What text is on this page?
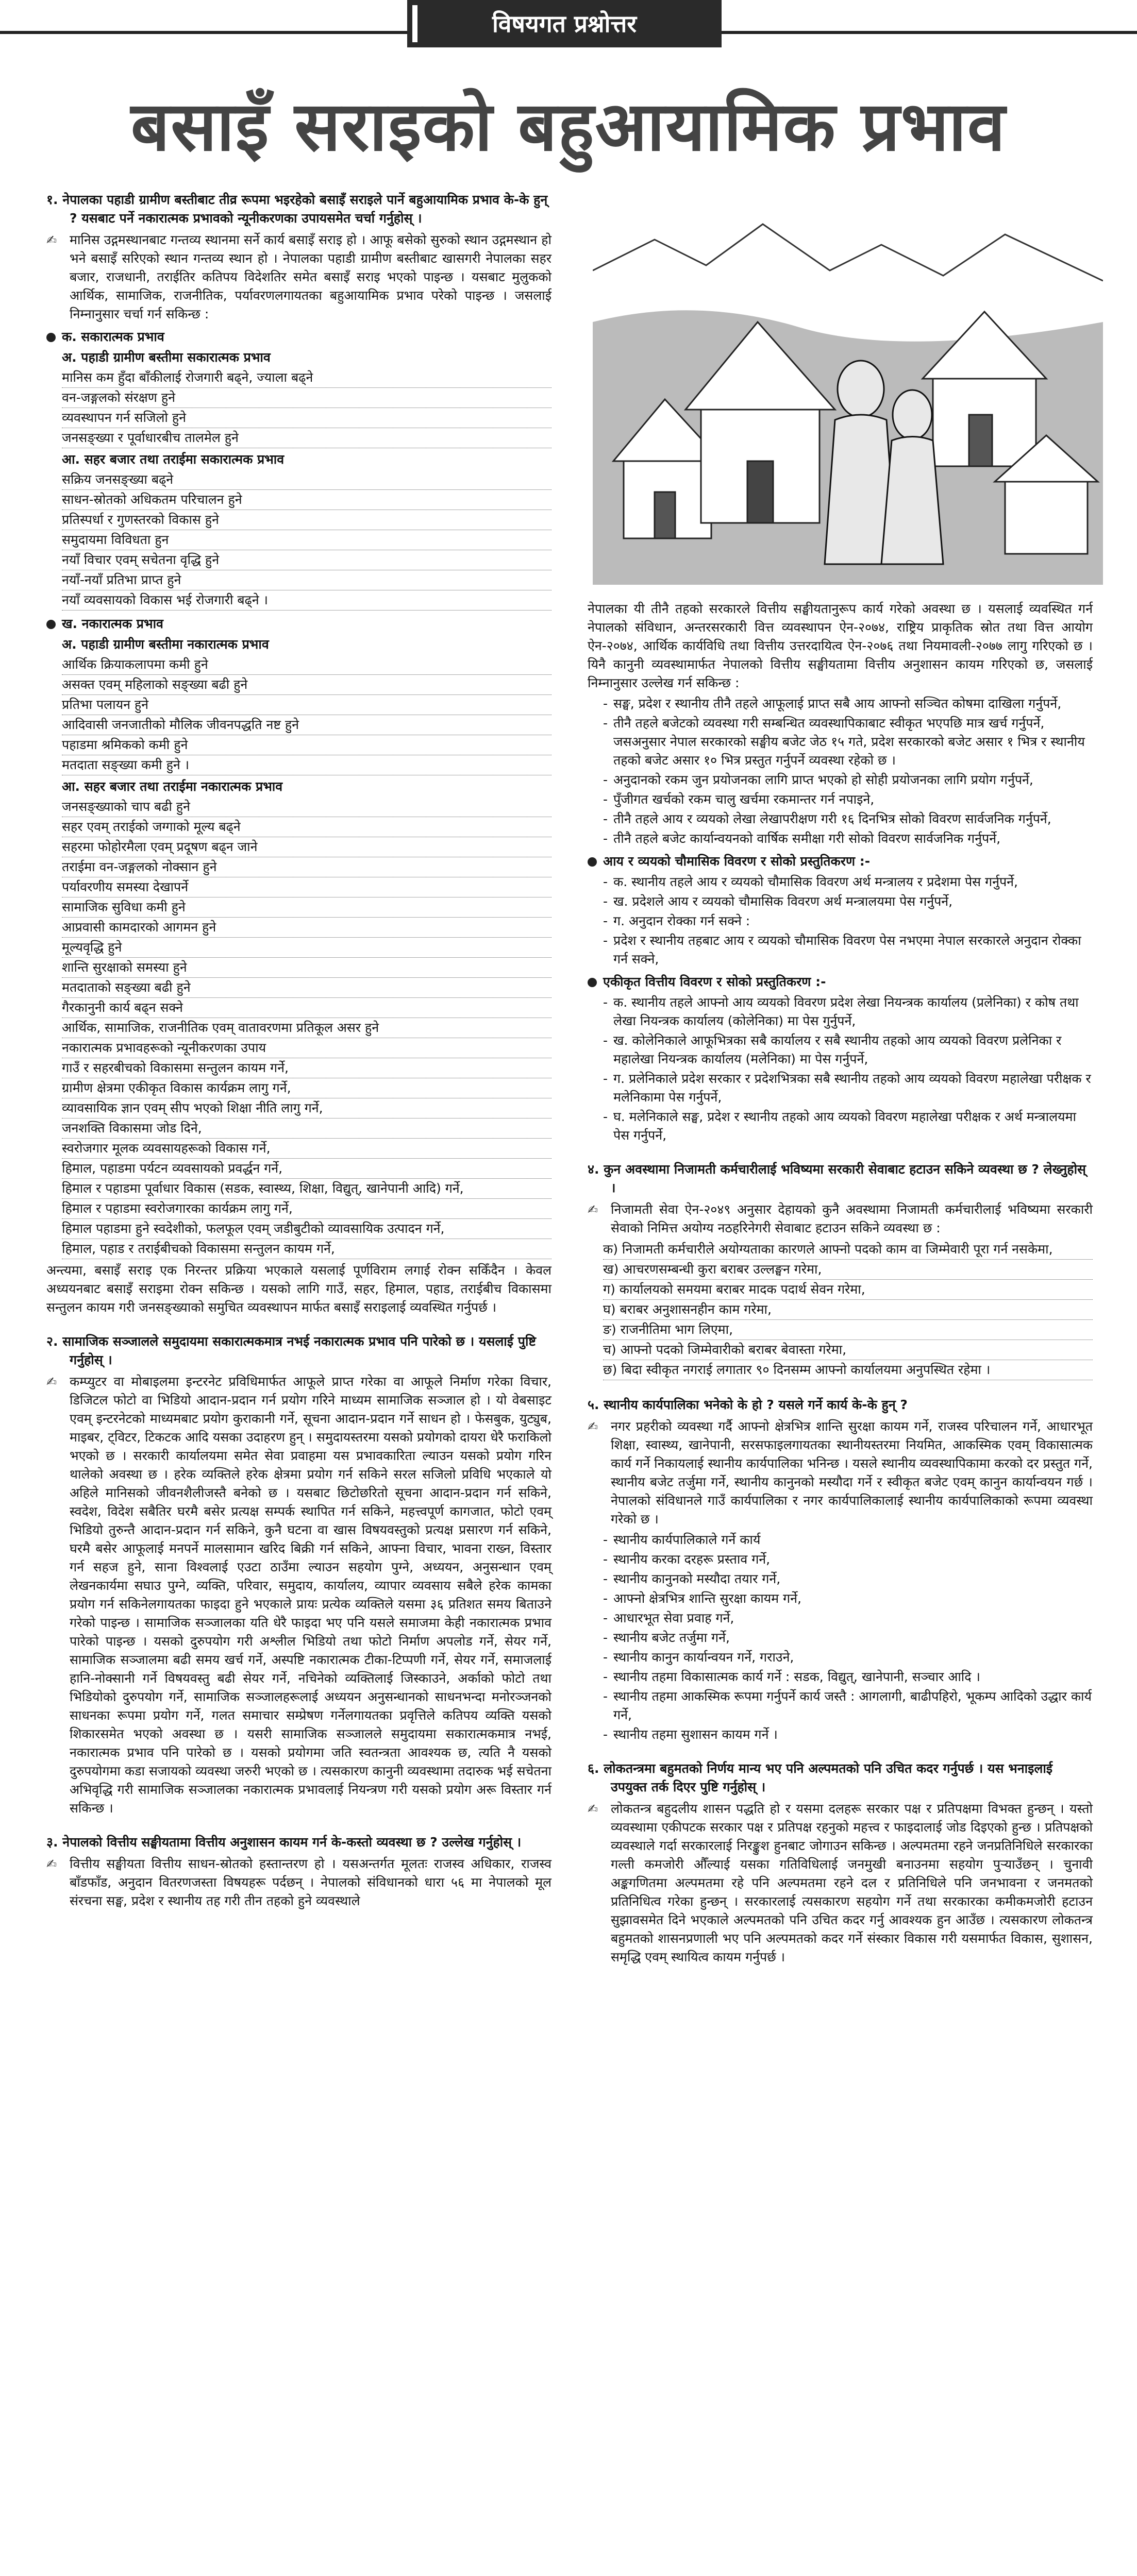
विषयगत प्रश्नोत्तर
बसाइँ सराइको बहुआयामिक प्रभाव
१. नेपालका पहाडी ग्रामीण बस्तीबाट तीव्र रूपमा भइरहेको बसाइँ सराइले पार्ने बहुआयामिक प्रभाव के-के हुन् ? यसबाट पर्ने नकारात्मक प्रभावको न्यूनीकरणका उपायसमेत चर्चा गर्नुहोस् ।
✍ मानिस उद्गमस्थानबाट गन्तव्य स्थानमा सर्ने कार्य बसाइँ सराइ हो । आफू बसेको सुरुको स्थान उद्गमस्थान हो भने बसाइँ सरिएको स्थान गन्तव्य स्थान हो । नेपालका पहाडी ग्रामीण बस्तीबाट खासगरी नेपालका सहर बजार, राजधानी, तराईतिर कतिपय विदेशतिर समेत बसाइँ सराइ भएको पाइन्छ । यसबाट मुलुकको आर्थिक, सामाजिक, राजनीतिक, पर्यावरणलगायतका बहुआयामिक प्रभाव परेको पाइन्छ । जसलाई निम्नानुसार चर्चा गर्न सकिन्छ :
क. सकारात्मक प्रभाव
अ. पहाडी ग्रामीण बस्तीमा सकारात्मक प्रभाव
मानिस कम हुँदा बाँकीलाई रोजगारी बढ्ने, ज्याला बढ्ने
वन-जङ्गलको संरक्षण हुने
व्यवस्थापन गर्न सजिलो हुने
जनसङ्ख्या र पूर्वाधारबीच तालमेल हुने
आ. सहर बजार तथा तराईमा सकारात्मक प्रभाव
सक्रिय जनसङ्ख्या बढ्ने
साधन-स्रोतको अधिकतम परिचालन हुने
प्रतिस्पर्धा र गुणस्तरको विकास हुने
समुदायमा विविधता हुन
नयाँ विचार एवम् सचेतना वृद्धि हुने
नयाँ-नयाँ प्रतिभा प्राप्त हुने
नयाँ व्यवसायको विकास भई रोजगारी बढ्ने ।
ख. नकारात्मक प्रभाव
अ. पहाडी ग्रामीण बस्तीमा नकारात्मक प्रभाव
आर्थिक क्रियाकलापमा कमी हुने
असक्त एवम् महिलाको सङ्ख्या बढी हुने
प्रतिभा पलायन हुने
आदिवासी जनजातीको मौलिक जीवनपद्धति नष्ट हुने
पहाडमा श्रमिकको कमी हुने
मतदाता सङ्ख्या कमी हुने ।
आ. सहर बजार तथा तराईमा नकारात्मक प्रभाव
जनसङ्ख्याको चाप बढी हुने
सहर एवम् तराईको जग्गाको मूल्य बढ्ने
सहरमा फोहोरमैला एवम् प्रदूषण बढ्न जाने
तराईमा वन-जङ्गलको नोक्सान हुने
पर्यावरणीय समस्या देखापर्ने
सामाजिक सुविधा कमी हुने
आप्रवासी कामदारको आगमन हुने
मूल्यवृद्धि हुने
शान्ति सुरक्षाको समस्या हुने
मतदाताको सङ्ख्या बढी हुने
गैरकानुनी कार्य बढ्न सक्ने
आर्थिक, सामाजिक, राजनीतिक एवम् वातावरणमा प्रतिकूल असर हुने
नकारात्मक प्रभावहरूको न्यूनीकरणका उपाय
गाउँ र सहरबीचको विकासमा सन्तुलन कायम गर्ने,
ग्रामीण क्षेत्रमा एकीकृत विकास कार्यक्रम लागु गर्ने,
व्यावसायिक ज्ञान एवम् सीप भएको शिक्षा नीति लागु गर्ने,
जनशक्ति विकासमा जोड दिने,
स्वरोजगार मूलक व्यवसायहरूको विकास गर्ने,
हिमाल, पहाडमा पर्यटन व्यवसायको प्रवर्द्धन गर्ने,
हिमाल र पहाडमा पूर्वाधार विकास (सडक, स्वास्थ्य, शिक्षा, विद्युत्, खानेपानी आदि) गर्ने,
हिमाल र पहाडमा स्वरोजगारका कार्यक्रम लागु गर्ने,
हिमाल पहाडमा हुने स्वदेशीको, फलफूल एवम् जडीबुटीको व्यावसायिक उत्पादन गर्ने,
हिमाल, पहाड र तराईबीचको विकासमा सन्तुलन कायम गर्ने,
अन्त्यमा, बसाइँ सराइ एक निरन्तर प्रक्रिया भएकाले यसलाई पूर्णविराम लगाई रोक्न सकिँदैन । केवल अध्ययनबाट बसाइँ सराइमा रोक्न सकिन्छ । यसको लागि गाउँ, सहर, हिमाल, पहाड, तराईबीच विकासमा सन्तुलन कायम गरी जनसङ्ख्याको समुचित व्यवस्थापन मार्फत बसाइँ सराइलाई व्यवस्थित गर्नुपर्छ ।
२. सामाजिक सञ्जालले समुदायमा सकारात्मकमात्र नभई नकारात्मक प्रभाव पनि पारेको छ । यसलाई पुष्टि गर्नुहोस् ।
✍ कम्प्युटर वा मोबाइलमा इन्टरनेट प्रविधिमार्फत आफूले प्राप्त गरेका वा आफूले निर्माण गरेका विचार, डिजिटल फोटो वा भिडियो आदान-प्रदान गर्न प्रयोग गरिने माध्यम सामाजिक सञ्जाल हो । यो वेबसाइट एवम् इन्टरनेटको माध्यमबाट प्रयोग कुराकानी गर्ने, सूचना आदान-प्रदान गर्ने साधन हो । फेसबुक, युट्युब, माइबर, ट्विटर, टिकटक आदि यसका उदाहरण हुन् । समुदायस्तरमा यसको प्रयोगको दायरा धेरै फराकिलो भएको छ । सरकारी कार्यालयमा समेत सेवा प्रवाहमा यस प्रभावकारिता ल्याउन यसको प्रयोग गरिन थालेको अवस्था छ । हरेक व्यक्तिले हरेक क्षेत्रमा प्रयोग गर्न सकिने सरल सजिलो प्रविधि भएकाले यो अहिले मानिसको जीवनशैलीजस्तै बनेको छ । यसबाट छिटोछरितो सूचना आदान-प्रदान गर्न सकिने, स्वदेश, विदेश सबैतिर घरमै बसेर प्रत्यक्ष सम्पर्क स्थापित गर्न सकिने, महत्त्वपूर्ण कागजात, फोटो एवम् भिडियो तुरुन्तै आदान-प्रदान गर्न सकिने, कुनै घटना वा खास विषयवस्तुको प्रत्यक्ष प्रसारण गर्न सकिने, घरमै बसेर आफूलाई मनपर्ने मालसामान खरिद बिक्री गर्न सकिने, आफ्ना विचार, भावना राख्न, विस्तार गर्न सहज हुने, साना विश्वलाई एउटा ठाउँमा ल्याउन सहयोग पुग्ने, अध्ययन, अनुसन्धान एवम् लेखनकार्यमा सघाउ पुग्ने, व्यक्ति, परिवार, समुदाय, कार्यालय, व्यापार व्यवसाय सबैले हरेक कामका प्रयोग गर्न सकिनेलगायतका फाइदा हुने भएकाले प्रायः प्रत्येक व्यक्तिले यसमा ३६ प्रतिशत समय बिताउने गरेको पाइन्छ । सामाजिक सञ्जालका यति धेरै फाइदा भए पनि यसले समाजमा केही नकारात्मक प्रभाव पारेको पाइन्छ । यसको दुरुपयोग गरी अश्लील भिडियो तथा फोटो निर्माण अपलोड गर्ने, सेयर गर्ने, सामाजिक सञ्जालमा बढी समय खर्च गर्ने, अस्पष्टि नकारात्मक टीका-टिप्पणी गर्ने, सेयर गर्ने, समाजलाई हानि-नोक्सानी गर्ने विषयवस्तु बढी सेयर गर्ने, नचिनेको व्यक्तिलाई जिस्काउने, अर्काको फोटो तथा भिडियोको दुरुपयोग गर्ने, सामाजिक सञ्जालहरूलाई अध्ययन अनुसन्धानको साधनभन्दा मनोरञ्जनको साधनका रूपमा प्रयोग गर्ने, गलत समाचार सम्प्रेषण गर्नेलगायतका प्रवृत्तिले कतिपय व्यक्ति यसको शिकारसमेत भएको अवस्था छ । यसरी सामाजिक सञ्जालले समुदायमा सकारात्मकमात्र नभई, नकारात्मक प्रभाव पनि पारेको छ । यसको प्रयोगमा जति स्वतन्त्रता आवश्यक छ, त्यति नै यसको दुरुपयोगमा कडा सजायको व्यवस्था जरुरी भएको छ । त्यसकारण कानुनी व्यवस्थामा तदारुक भई सचेतना अभिवृद्धि गरी सामाजिक सञ्जालका नकारात्मक प्रभावलाई नियन्त्रण गरी यसको प्रयोग अरू विस्तार गर्न सकिन्छ ।
३. नेपालको वित्तीय सङ्घीयतामा वित्तीय अनुशासन कायम गर्न के-कस्तो व्यवस्था छ ? उल्लेख गर्नुहोस् ।
✍ वित्तीय सङ्घीयता वित्तीय साधन-स्रोतको हस्तान्तरण हो । यसअन्तर्गत मूलतः राजस्व अधिकार, राजस्व बाँडफाँड, अनुदान वितरणजस्ता विषयहरू पर्दछन् । नेपालको संविधानको धारा ५६ मा नेपालको मूल संरचना सङ्घ, प्रदेश र स्थानीय तह गरी तीन तहको हुने व्यवस्थाले
नेपालका यी तीनै तहको सरकारले वित्तीय सङ्घीयतानुरूप कार्य गरेको अवस्था छ । यसलाई व्यवस्थित गर्न नेपालको संविधान, अन्तरसरकारी वित्त व्यवस्थापन ऐन-२०७४, राष्ट्रिय प्राकृतिक स्रोत तथा वित्त आयोग ऐन-२०७४, आर्थिक कार्यविधि तथा वित्तीय उत्तरदायित्व ऐन-२०७६ तथा नियमावली-२०७७ लागु गरिएको छ । यिनै कानुनी व्यवस्थामार्फत नेपालको वित्तीय सङ्घीयतामा वित्तीय अनुशासन कायम गरिएको छ, जसलाई निम्नानुसार उल्लेख गर्न सकिन्छ :
- सङ्घ, प्रदेश र स्थानीय तीनै तहले आफूलाई प्राप्त सबै आय आफ्नो सञ्चित कोषमा दाखिला गर्नुपर्ने,
- तीनै तहले बजेटको व्यवस्था गरी सम्बन्धित व्यवस्थापिकाबाट स्वीकृत भएपछि मात्र खर्च गर्नुपर्ने, जसअनुसार नेपाल सरकारको सङ्घीय बजेट जेठ १५ गते, प्रदेश सरकारको बजेट असार १ भित्र र स्थानीय तहको बजेट असार १० भित्र प्रस्तुत गर्नुपर्ने व्यवस्था रहेको छ ।
- अनुदानको रकम जुन प्रयोजनका लागि प्राप्त भएको हो सोही प्रयोजनका लागि प्रयोग गर्नुपर्ने,
- पुँजीगत खर्चको रकम चालु खर्चमा रकमान्तर गर्न नपाइने,
- तीनै तहले आय र व्ययको लेखा लेखापरीक्षण गरी १६ दिनभित्र सोको विवरण सार्वजनिक गर्नुपर्ने,
- तीनै तहले बजेट कार्यान्वयनको वार्षिक समीक्षा गरी सोको विवरण सार्वजनिक गर्नुपर्ने,
आय र व्ययको चौमासिक विवरण र सोको प्रस्तुतिकरण :-
- क. स्थानीय तहले आय र व्ययको चौमासिक विवरण अर्थ मन्त्रालय र प्रदेशमा पेस गर्नुपर्ने,
- ख. प्रदेशले आय र व्ययको चौमासिक विवरण अर्थ मन्त्रालयमा पेस गर्नुपर्ने,
- ग. अनुदान रोक्का गर्न सक्ने :
- प्रदेश र स्थानीय तहबाट आय र व्ययको चौमासिक विवरण पेस नभएमा नेपाल सरकारले अनुदान रोक्का गर्न सक्ने,
एकीकृत वित्तीय विवरण र सोको प्रस्तुतिकरण :-
- क. स्थानीय तहले आफ्नो आय व्ययको विवरण प्रदेश लेखा नियन्त्रक कार्यालय (प्रलेनिका) र कोष तथा लेखा नियन्त्रक कार्यालय (कोलेनिका) मा पेस गुर्नुपर्ने,
- ख. कोलेनिकाले आफूभित्रका सबै कार्यालय र सबै स्थानीय तहको आय व्ययको विवरण प्रलेनिका र महालेखा नियन्त्रक कार्यालय (मलेनिका) मा पेस गर्नुपर्ने,
- ग. प्रलेनिकाले प्रदेश सरकार र प्रदेशभित्रका सबै स्थानीय तहको आय व्ययको विवरण महालेखा परीक्षक र मलेनिकामा पेस गर्नुपर्ने,
- घ. मलेनिकाले सङ्घ, प्रदेश र स्थानीय तहको आय व्ययको विवरण महालेखा परीक्षक र अर्थ मन्त्रालयमा पेस गर्नुपर्ने,
४. कुन अवस्थामा निजामती कर्मचारीलाई भविष्यमा सरकारी सेवाबाट हटाउन सकिने व्यवस्था छ ? लेख्नुहोस् ।
✍ निजामती सेवा ऐन-२०४९ अनुसार देहायको कुनै अवस्थामा निजामती कर्मचारीलाई भविष्यमा सरकारी सेवाको निमित्त अयोग्य नठहरिनेगरी सेवाबाट हटाउन सकिने व्यवस्था छ :
क) निजामती कर्मचारीले अयोग्यताका कारणले आफ्नो पदको काम वा जिम्मेवारी पूरा गर्न नसकेमा,
ख) आचरणसम्बन्धी कुरा बराबर उल्लङ्घन गरेमा,
ग) कार्यालयको समयमा बराबर मादक पदार्थ सेवन गरेमा,
घ) बराबर अनुशासनहीन काम गरेमा,
ङ) राजनीतिमा भाग लिएमा,
च) आफ्नो पदको जिम्मेवारीको बराबर बेवास्ता गरेमा,
छ) बिदा स्वीकृत नगराई लगातार ९० दिनसम्म आफ्नो कार्यालयमा अनुपस्थित रहेमा ।
५. स्थानीय कार्यपालिका भनेको के हो ? यसले गर्ने कार्य के-के हुन् ?
✍ नगर प्रहरीको व्यवस्था गर्दै आफ्नो क्षेत्रभित्र शान्ति सुरक्षा कायम गर्ने, राजस्व परिचालन गर्ने, आधारभूत शिक्षा, स्वास्थ्य, खानेपानी, सरसफाइलगायतका स्थानीयस्तरमा नियमित, आकस्मिक एवम् विकासात्मक कार्य गर्ने निकायलाई स्थानीय कार्यपालिका भनिन्छ । यसले स्थानीय व्यवस्थापिकामा करको दर प्रस्तुत गर्ने, स्थानीय बजेट तर्जुमा गर्ने, स्थानीय कानुनको मस्यौदा गर्ने र स्वीकृत बजेट एवम् कानुन कार्यान्वयन गर्छ । नेपालको संविधानले गाउँ कार्यपालिका र नगर कार्यपालिकालाई स्थानीय कार्यपालिकाको रूपमा व्यवस्था गरेको छ ।
- स्थानीय कार्यपालिकाले गर्ने कार्य
- स्थानीय करका दरहरू प्रस्ताव गर्ने,
- स्थानीय कानुनको मस्यौदा तयार गर्ने,
- आफ्नो क्षेत्रभित्र शान्ति सुरक्षा कायम गर्ने,
- आधारभूत सेवा प्रवाह गर्ने,
- स्थानीय बजेट तर्जुमा गर्ने,
- स्थानीय कानुन कार्यान्वयन गर्ने, गराउने,
- स्थानीय तहमा विकासात्मक कार्य गर्ने : सडक, विद्युत्, खानेपानी, सञ्चार आदि ।
- स्थानीय तहमा आकस्मिक रूपमा गर्नुपर्ने कार्य जस्तै : आगलागी, बाढीपहिरो, भूकम्प आदिको उद्धार कार्य गर्ने,
- स्थानीय तहमा सुशासन कायम गर्ने ।
६. लोकतन्त्रमा बहुमतको निर्णय मान्य भए पनि अल्पमतको पनि उचित कदर गर्नुपर्छ । यस भनाइलाई उपयुक्त तर्क दिएर पुष्टि गर्नुहोस् ।
✍ लोकतन्त्र बहुदलीय शासन पद्धति हो र यसमा दलहरू सरकार पक्ष र प्रतिपक्षमा विभक्त हुन्छन् । यस्तो व्यवस्थामा एकीपटक सरकार पक्ष र प्रतिपक्ष रहनुको महत्त्व र फाइदालाई जोड दिइएको हुन्छ । प्रतिपक्षको व्यवस्थाले गर्दा सरकारलाई निरङ्कुश हुनबाट जोगाउन सकिन्छ । अल्पमतमा रहने जनप्रतिनिधिले सरकारका गल्ती कमजोरी औँल्याई यसका गतिविधिलाई जनमुखी बनाउनमा सहयोग पुऱ्याउँछन् । चुनावी अङ्कगणितमा अल्पमतमा रहे पनि अल्पमतमा रहने दल र प्रतिनिधिले पनि जनभावना र जनमतको प्रतिनिधित्व गरेका हुन्छन् । सरकारलाई त्यसकारण सहयोग गर्ने तथा सरकारका कमीकमजोरी हटाउन सुझावसमेत दिने भएकाले अल्पमतको पनि उचित कदर गर्नु आवश्यक हुन आउँछ । त्यसकारण लोकतन्त्र बहुमतको शासनप्रणाली भए पनि अल्पमतको कदर गर्ने संस्कार विकास गरी यसमार्फत विकास, सुशासन, समृद्धि एवम् स्थायित्व कायम गर्नुपर्छ ।
